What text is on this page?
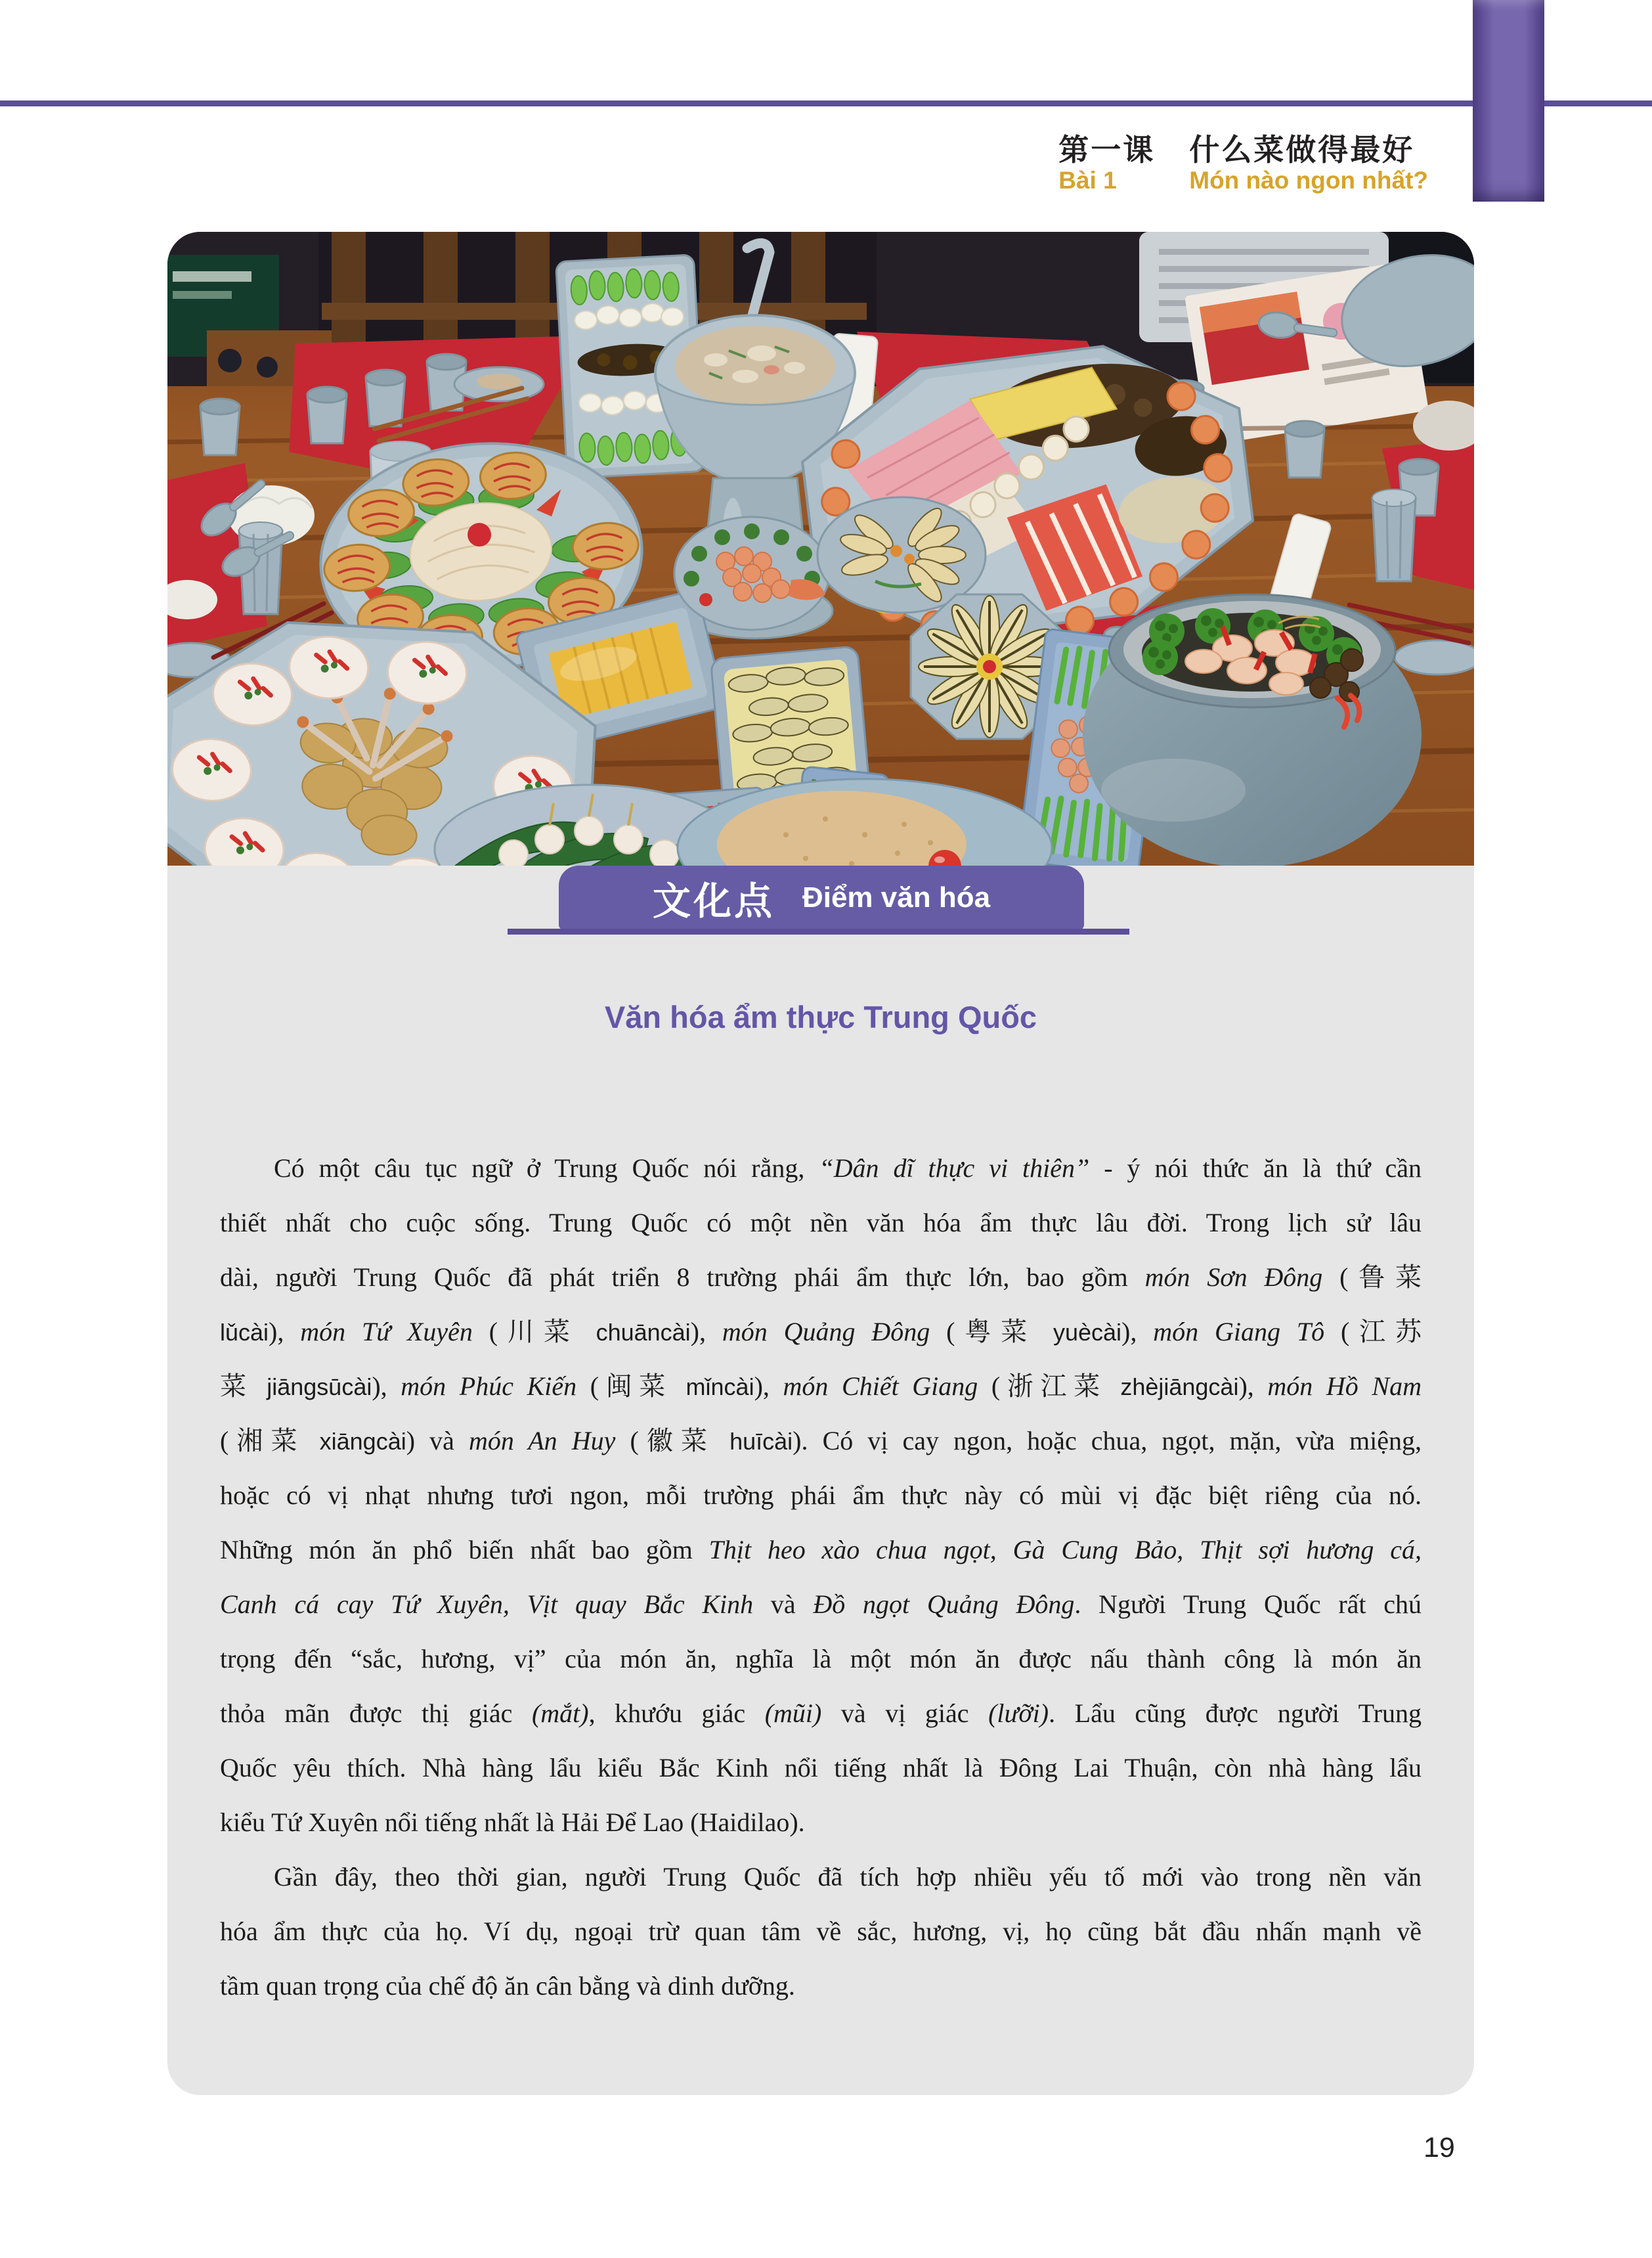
第一课 什么菜做得最好
Bài 1	Món nào ngon nhất?
文化点 Điểm văn hóa
Văn hóa ẩm thực Trung Quốc
Có một câu tục ngữ ở Trung Quốc nói rằng, “Dân dĩ thực vi thiên” - ý nói thức ăn là thứ cần
thiết nhất cho cuộc sống. Trung Quốc có một nền văn hóa ẩm thực lâu đời. Trong lịch sử lâu
dài, người Trung Quốc đã phát triển 8 trường phái ẩm thực lớn, bao gồm món Sơn Đông (鲁菜
lǔcài), món Tứ Xuyên (川菜 chuāncài), món Quảng Đông (粤菜 yuècài), món Giang Tô (江苏
菜 jiāngsūcài), món Phúc Kiến (闽菜 mǐncài), món Chiết Giang (浙江菜 zhèjiāngcài), món Hồ Nam
(湘菜 xiāngcài) và món An Huy (徽菜 huīcài). Có vị cay ngon, hoặc chua, ngọt, mặn, vừa miệng,
hoặc có vị nhạt nhưng tươi ngon, mỗi trường phái ẩm thực này có mùi vị đặc biệt riêng của nó.
Những món ăn phổ biến nhất bao gồm Thịt heo xào chua ngọt, Gà Cung Bảo, Thịt sợi hương cá,
Canh cá cay Tứ Xuyên, Vịt quay Bắc Kinh và Đồ ngọt Quảng Đông. Người Trung Quốc rất chú
trọng đến “sắc, hương, vị” của món ăn, nghĩa là một món ăn được nấu thành công là món ăn
thỏa mãn được thị giác (mắt), khướu giác (mũi) và vị giác (lưỡi). Lẩu cũng được người Trung
Quốc yêu thích. Nhà hàng lẩu kiểu Bắc Kinh nổi tiếng nhất là Đông Lai Thuận, còn nhà hàng lẩu
kiểu Tứ Xuyên nổi tiếng nhất là Hải Để Lao (Haidilao).
Gần đây, theo thời gian, người Trung Quốc đã tích hợp nhiều yếu tố mới vào trong nền văn
hóa ẩm thực của họ. Ví dụ, ngoại trừ quan tâm về sắc, hương, vị, họ cũng bắt đầu nhấn mạnh về
tầm quan trọng của chế độ ăn cân bằng và dinh dưỡng.
19
